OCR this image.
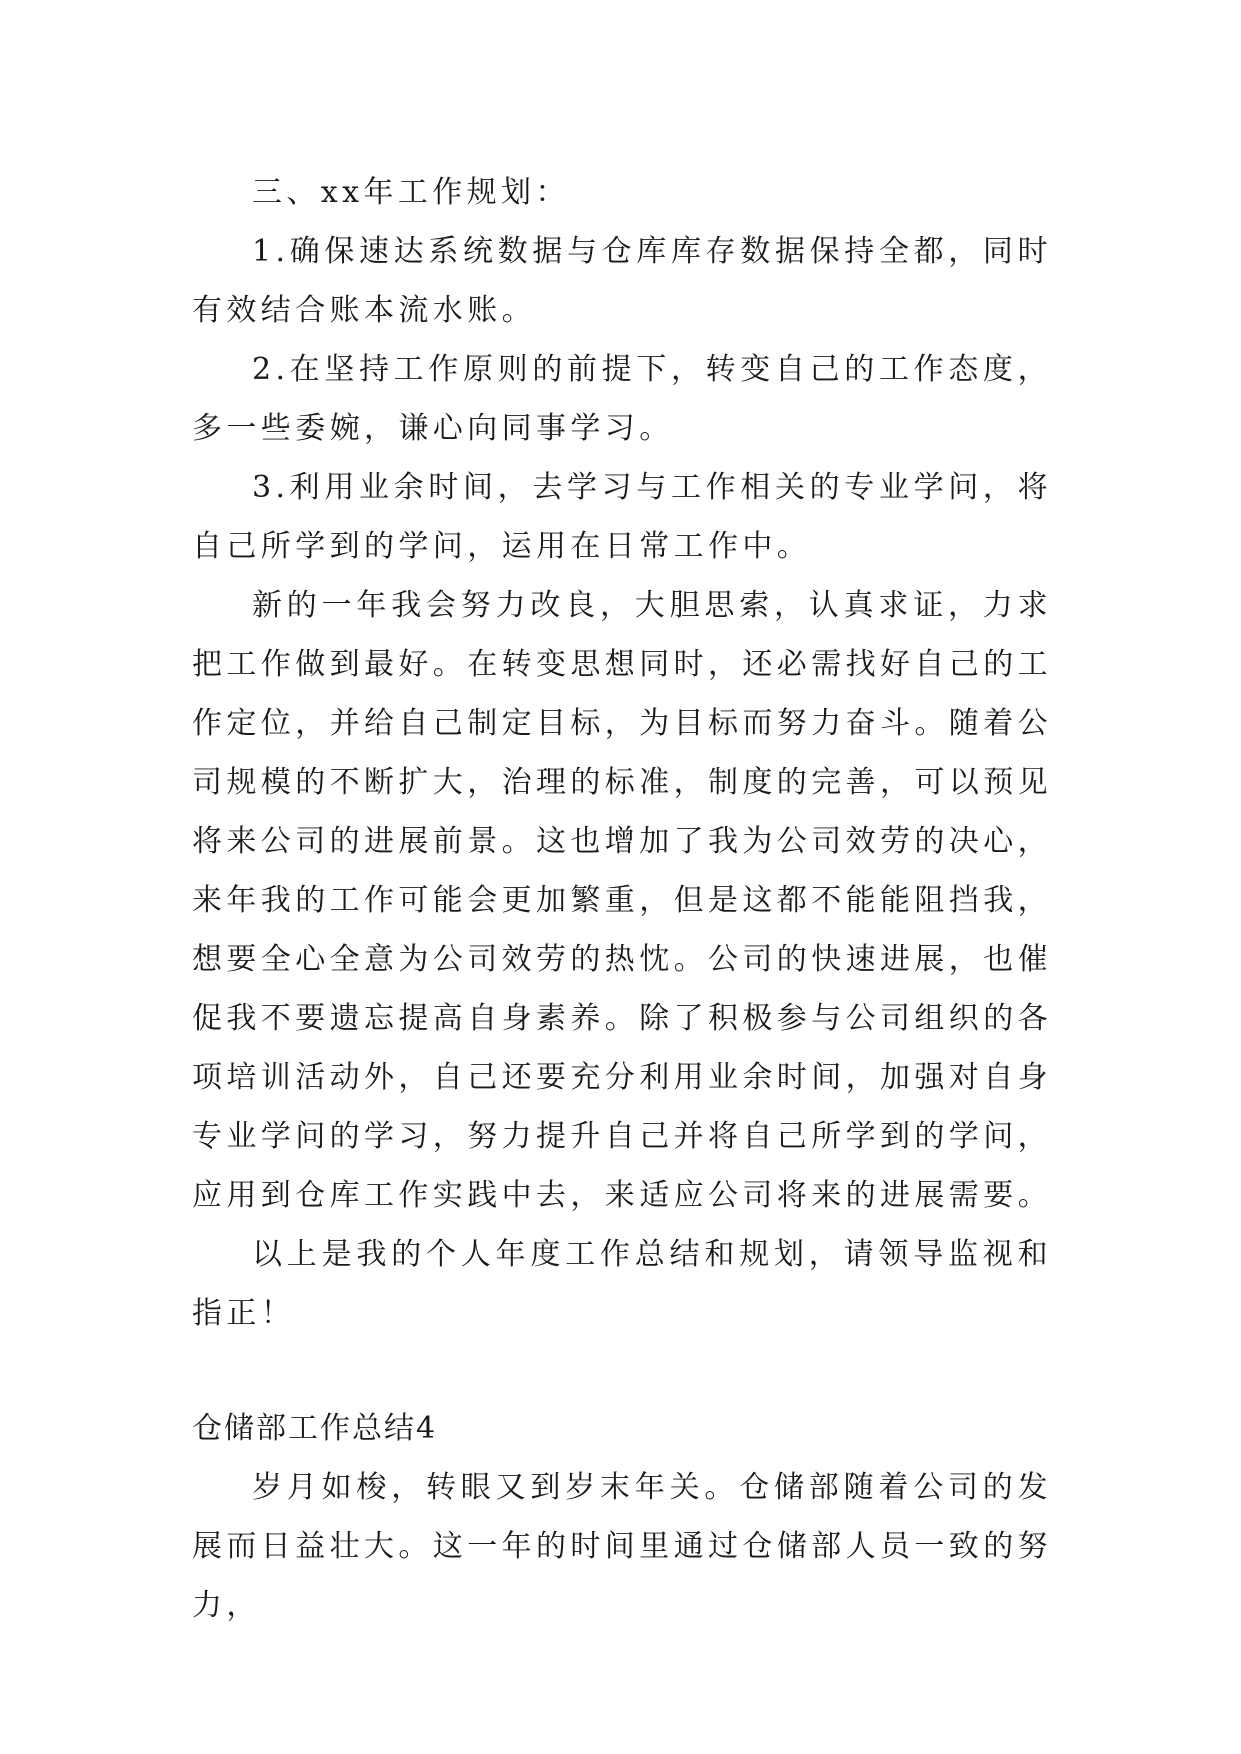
三、xx年工作规划：

1.确保速达系统数据与仓库库存数据保持全都，同时有效结合账本流水账。

2.在坚持工作原则的前提下，转变自己的工作态度，多一些委婉，谦心向同事学习。

3.利用业余时间，去学习与工作相关的专业学问，将自己所学到的学问，运用在日常工作中。

新的一年我会努力改良，大胆思索，认真求证，力求把工作做到最好。在转变思想同时，还必需找好自己的工作定位，并给自己制定目标，为目标而努力奋斗。随着公司规模的不断扩大，治理的标准，制度的完善，可以预见将来公司的进展前景。这也增加了我为公司效劳的决心，来年我的工作可能会更加繁重，但是这都不能能阻挡我，想要全心全意为公司效劳的热忱。公司的快速进展，也催促我不要遗忘提高自身素养。除了积极参与公司组织的各项培训活动外，自己还要充分利用业余时间，加强对自身专业学问的学习，努力提升自己并将自己所学到的学问，应用到仓库工作实践中去，来适应公司将来的进展需要。

以上是我的个人年度工作总结和规划，请领导监视和指正！

仓储部工作总结4

岁月如梭，转眼又到岁末年关。仓储部随着公司的发展而日益壮大。这一年的时间里通过仓储部人员一致的努力，
